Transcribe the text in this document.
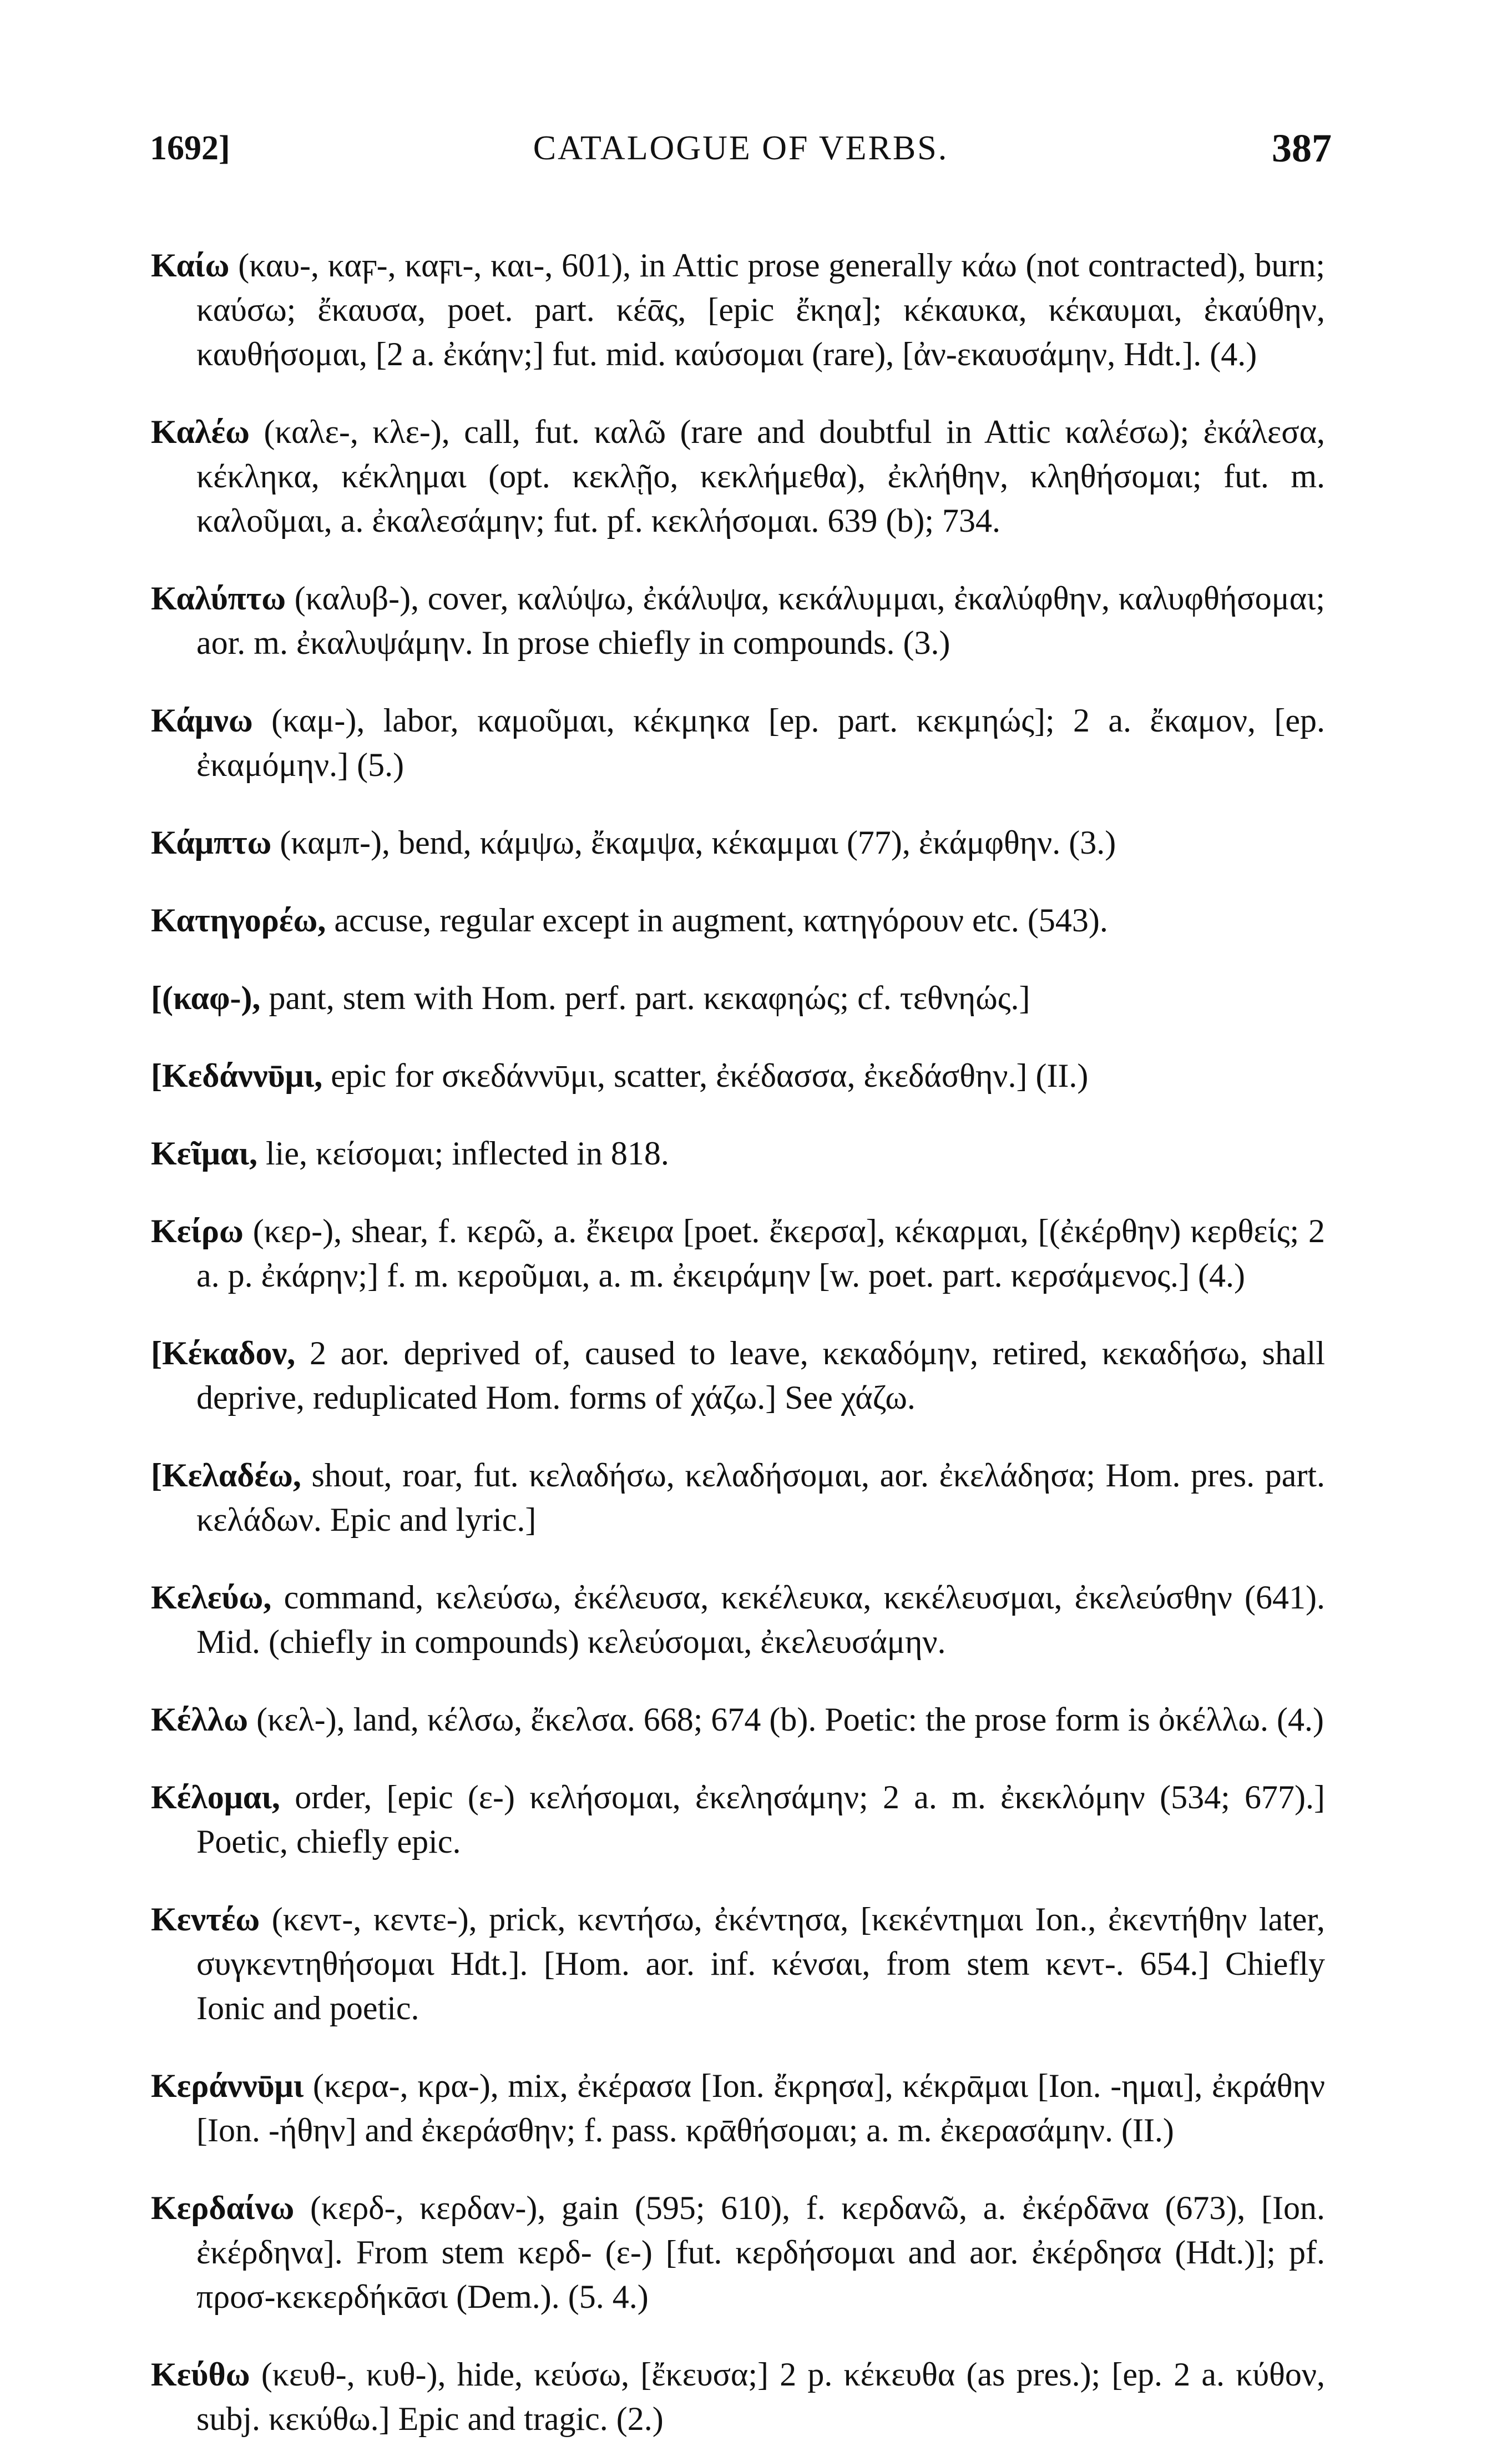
1692]	CATALOGUE OF VERBS.	387

Καίω (καυ-, καϝ-, καϝι-, και-, 601), in Attic prose generally κάω (not contracted), burn; καύσω; ἔκαυσα, poet. part. κέᾱς, [epic ἔκηα]; κέκαυκα, κέκαυμαι, ἐκαύθην, καυθήσομαι, [2 a. ἐκάην;] fut. mid. καύσομαι (rare), [ἀν-εκαυσάμην, Hdt.]. (4.)

Καλέω (καλε-, κλε-), call, fut. καλῶ (rare and doubtful in Attic καλέσω); ἐκάλεσα, κέκληκα, κέκλημαι (opt. κεκλῇο, κεκλήμεθα), ἐκλήθην, κληθήσομαι; fut. m. καλοῦμαι, a. ἐκαλεσάμην; fut. pf. κεκλήσομαι. 639 (b); 734.

Καλύπτω (καλυβ-), cover, καλύψω, ἐκάλυψα, κεκάλυμμαι, ἐκαλύφθην, καλυφθήσομαι; aor. m. ἐκαλυψάμην. In prose chiefly in compounds. (3.)

Κάμνω (καμ-), labor, καμοῦμαι, κέκμηκα [ep. part. κεκμηώς]; 2 a. ἔκαμον, [ep. ἐκαμόμην.] (5.)

Κάμπτω (καμπ-), bend, κάμψω, ἔκαμψα, κέκαμμαι (77), ἐκάμφθην. (3.)

Κατηγορέω, accuse, regular except in augment, κατηγόρουν etc. (543).

[(καφ-), pant, stem with Hom. perf. part. κεκαφηώς; cf. τεθνηώς.]

[Κεδάννῡμι, epic for σκεδάννῡμι, scatter, ἐκέδασσα, ἐκεδάσθην.] (II.)

Κεῖμαι, lie, κείσομαι; inflected in 818.

Κείρω (κερ-), shear, f. κερῶ, a. ἔκειρα [poet. ἔκερσα], κέκαρμαι, [(ἐκέρθην) κερθείς; 2 a. p. ἐκάρην;] f. m. κεροῦμαι, a. m. ἐκειράμην [w. poet. part. κερσάμενος.] (4.)

[Κέκαδον, 2 aor. deprived of, caused to leave, κεκαδόμην, retired, κεκαδήσω, shall deprive, reduplicated Hom. forms of χάζω.] See χάζω.

[Κελαδέω, shout, roar, fut. κελαδήσω, κελαδήσομαι, aor. ἐκελάδησα; Hom. pres. part. κελάδων. Epic and lyric.]

Κελεύω, command, κελεύσω, ἐκέλευσα, κεκέλευκα, κεκέλευσμαι, ἐκελεύσθην (641). Mid. (chiefly in compounds) κελεύσομαι, ἐκελευσάμην.

Κέλλω (κελ-), land, κέλσω, ἔκελσα. 668; 674 (b). Poetic: the prose form is ὀκέλλω. (4.)

Κέλομαι, order, [epic (ε-) κελήσομαι, ἐκελησάμην; 2 a. m. ἐκεκλόμην (534; 677).] Poetic, chiefly epic.

Κεντέω (κεντ-, κεντε-), prick, κεντήσω, ἐκέντησα, [κεκέντημαι Ion., ἐκεντήθην later, συγκεντηθήσομαι Hdt.]. [Hom. aor. inf. κένσαι, from stem κεντ-. 654.] Chiefly Ionic and poetic.

Κεράννῡμι (κερα-, κρα-), mix, ἐκέρασα [Ion. ἔκρησα], κέκρᾱμαι [Ion. -ημαι], ἐκράθην [Ion. -ήθην] and ἐκεράσθην; f. pass. κρᾱθήσομαι; a. m. ἐκερασάμην. (II.)

Κερδαίνω (κερδ-, κερδαν-), gain (595; 610), f. κερδανῶ, a. ἐκέρδᾱνα (673), [Ion. ἐκέρδηνα]. From stem κερδ- (ε-) [fut. κερδήσομαι and aor. ἐκέρδησα (Hdt.)]; pf. προσ-κεκερδήκᾱσι (Dem.). (5. 4.)

Κεύθω (κευθ-, κυθ-), hide, κεύσω, [ἔκευσα;] 2 p. κέκευθα (as pres.); [ep. 2 a. κύθον, subj. κεκύθω.] Epic and tragic. (2.)
